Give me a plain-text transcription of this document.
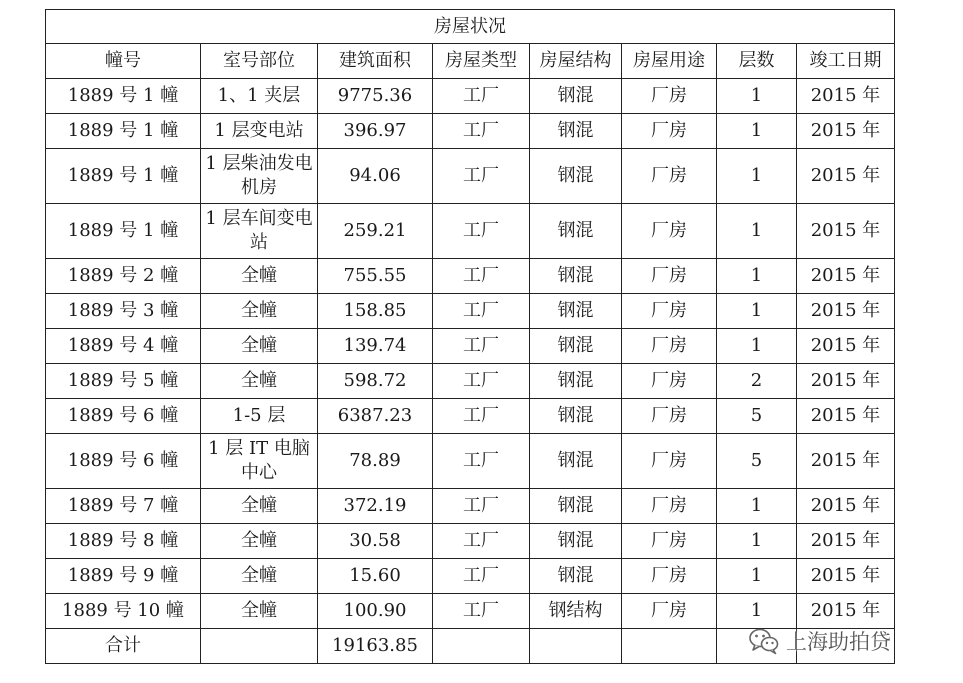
房屋状况							
幢号	室号部位	建筑面积	房屋类型	房屋结构	房屋用途	层数	竣工日期
1889 号 1 幢	1、1 夹层	9775.36	工厂	钢混	厂房	1	2015 年
1889 号 1 幢	1 层变电站	396.97	工厂	钢混	厂房	1	2015 年
1889 号 1 幢	1 层柴油发电机房	94.06	工厂	钢混	厂房	1	2015 年
1889 号 1 幢	1 层车间变电站	259.21	工厂	钢混	厂房	1	2015 年
1889 号 2 幢	全幢	755.55	工厂	钢混	厂房	1	2015 年
1889 号 3 幢	全幢	158.85	工厂	钢混	厂房	1	2015 年
1889 号 4 幢	全幢	139.74	工厂	钢混	厂房	1	2015 年
1889 号 5 幢	全幢	598.72	工厂	钢混	厂房	2	2015 年
1889 号 6 幢	1-5 层	6387.23	工厂	钢混	厂房	5	2015 年
1889 号 6 幢	1 层 IT 电脑中心	78.89	工厂	钢混	厂房	5	2015 年
1889 号 7 幢	全幢	372.19	工厂	钢混	厂房	1	2015 年
1889 号 8 幢	全幢	30.58	工厂	钢混	厂房	1	2015 年
1889 号 9 幢	全幢	15.60	工厂	钢混	厂房	1	2015 年
1889 号 10 幢	全幢	100.90	工厂	钢结构	厂房	1	2015 年
合计		19163.85						上海助拍贷
